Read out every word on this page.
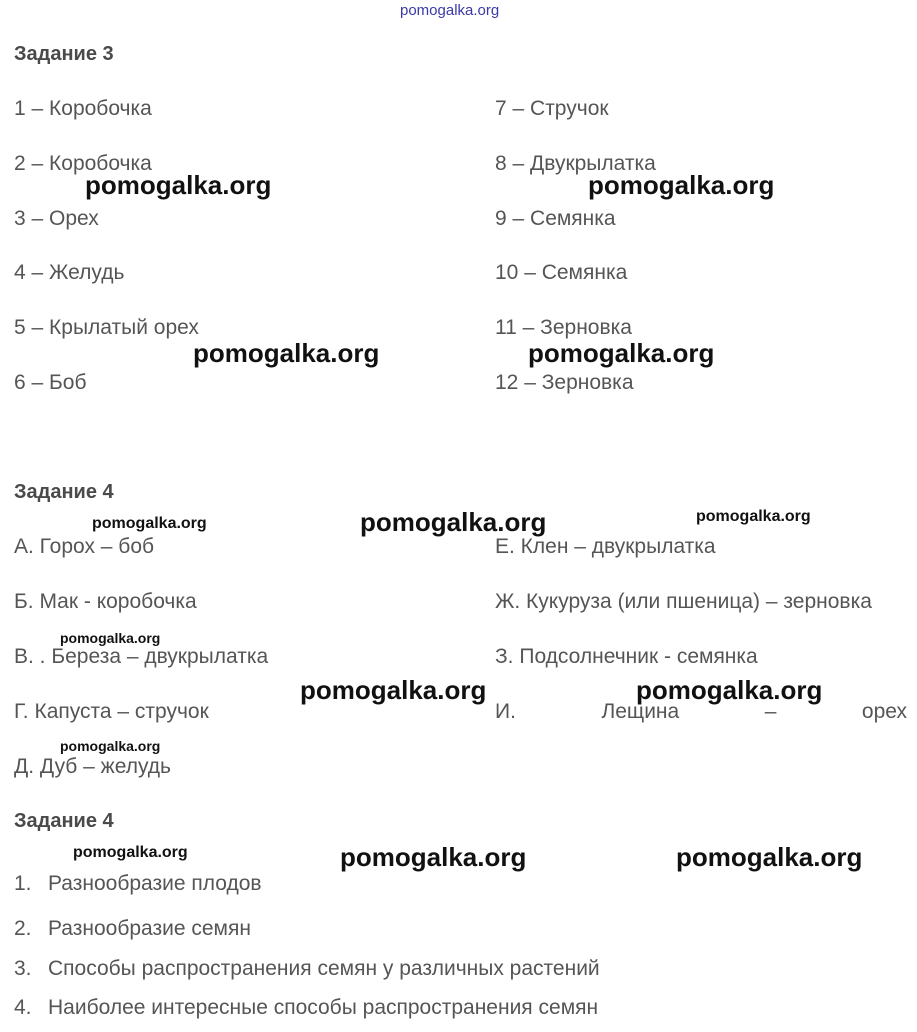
pomogalka.org
Задание 3
1 – Коробочка
2 – Коробочка
3 – Орех
4 – Желудь
5 – Крылатый орех
6 – Боб
7 – Стручок
8 – Двукрылатка
9 – Семянка
10 – Семянка
11 – Зерновка
12 – Зерновка
Задание 4
А. Горох – боб
Б. Мак - коробочка
В. . Береза – двукрылатка
Г. Капуста – стручок
Д. Дуб – желудь
Е. Клен – двукрылатка
Ж. Кукуруза (или пшеница) – зерновка
З. Подсолнечник - семянка
И.	Лещина	–	орех
Задание 4
1. Разнообразие плодов
2. Разнообразие семян
3. Способы распространения семян у различных растений
4. Наиболее интересные способы распространения семян
pomogalka.org	pomogalka.org
pomogalka.org	pomogalka.org
pomogalka.org	pomogalka.org	pomogalka.org
pomogalka.org
pomogalka.org	pomogalka.org
pomogalka.org
pomogalka.org	pomogalka.org	pomogalka.org
